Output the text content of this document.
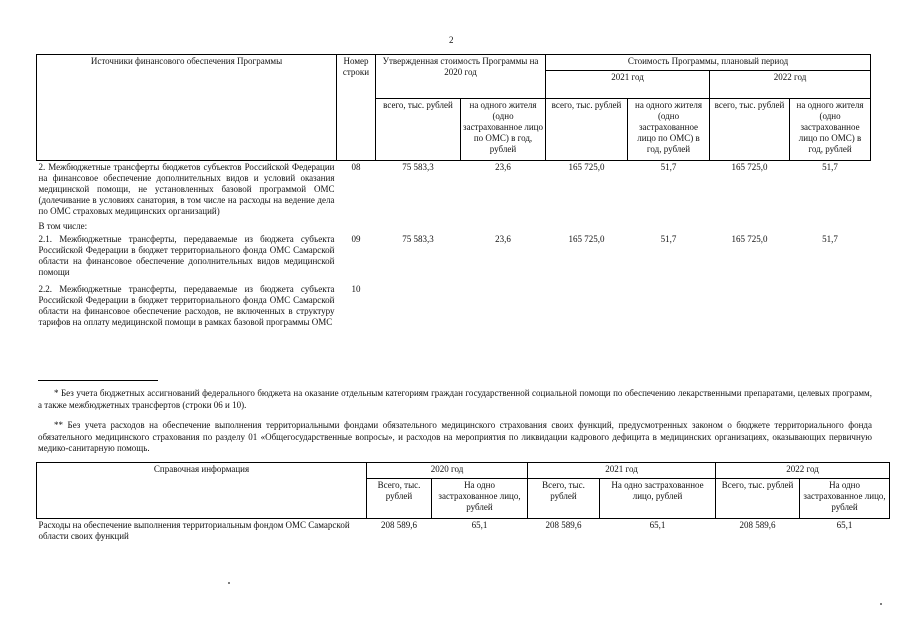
2
Источники финансового обеспечения Программы	Номер строки	Утвержденная стоимость Программы на 2020 год		Стоимость Программы, плановый период			
				2021 год		2022 год	
		всего, тыс. рублей	на одного жителя (одно застрахованное лицо по ОМС) в год, рублей	всего, тыс. рублей	на одного жителя (одно застрахованное лицо по ОМС) в год, рублей	всего, тыс. рублей	на одного жителя (одно застрахованное лицо по ОМС) в год, рублей
2. Межбюджетные трансферты бюджетов субъектов Российской Федерации на финансовое обеспечение дополнительных видов и условий оказания медицинской помощи, не установленных базовой программой ОМС (долечивание в условиях санатория, в том числе на расходы на ведение дела по ОМС страховых медицинских организаций)	08	75 583,3	23,6	165 725,0	51,7	165 725,0	51,7
В том числе:							
2.1. Межбюджетные трансферты, передаваемые из бюджета субъекта Российской Федерации в бюджет территориального фонда ОМС Самарской области на финансовое обеспечение дополнительных видов медицинской помощи	09	75 583,3	23,6	165 725,0	51,7	165 725,0	51,7
2.2. Межбюджетные трансферты, передаваемые из бюджета субъекта Российской Федерации в бюджет территориального фонда ОМС Самарской области на финансовое обеспечение расходов, не включенных в структуру тарифов на оплату медицинской помощи в рамках базовой программы ОМС	10						
* Без учета бюджетных ассигнований федерального бюджета на оказание отдельным категориям граждан государственной социальной помощи по обеспечению лекарственными препаратами, целевых программ, а также межбюджетных трансфертов (строки 06 и 10).
** Без учета расходов на обеспечение выполнения территориальными фондами обязательного медицинского страхования своих функций, предусмотренных законом о бюджете территориального фонда обязательного медицинского страхования по разделу 01 «Общегосударственные вопросы», и расходов на мероприятия по ликвидации кадрового дефицита в медицинских организациях, оказывающих первичную медико-санитарную помощь.
Справочная информация	2020 год		2021 год		2022 год	
	Всего, тыс. рублей	На одно застрахованное лицо, рублей	Всего, тыс. рублей	На одно застрахованное лицо, рублей	Всего, тыс. рублей	На одно застрахованное лицо, рублей
Расходы на обеспечение выполнения территориальным фондом ОМС Самарской области своих функций	208 589,6	65,1	208 589,6	65,1	208 589,6	65,1
